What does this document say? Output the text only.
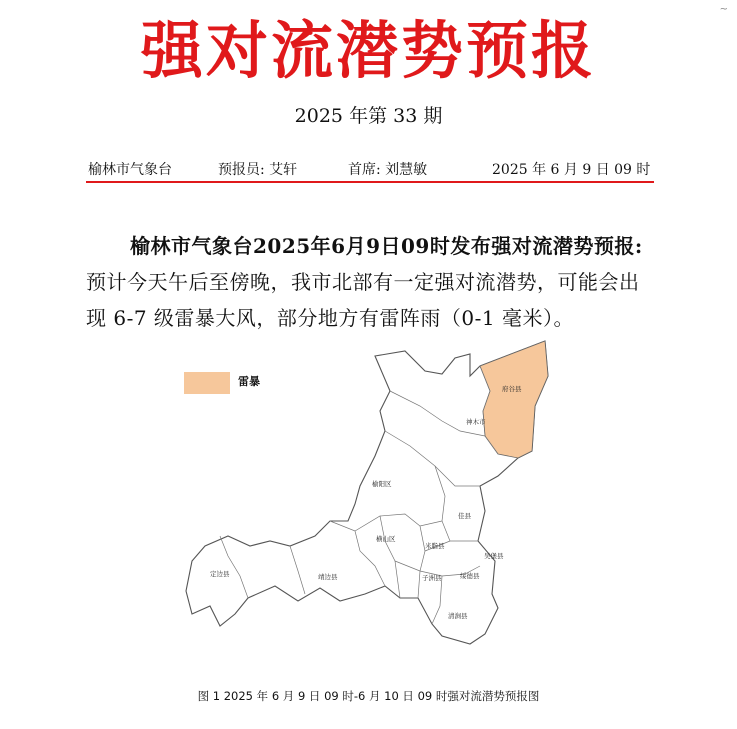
~
强对流潜势预报
2025 年第 33 期
榆林市气象台	预报员: 艾轩	首席: 刘慧敏	2025 年 6 月 9 日 09 时

榆林市气象台2025年6月9日09时发布强对流潜势预报:

预计今天午后至傍晚，我市北部有一定强对流潜势，可能会出

现 6-7 级雷暴大风，部分地方有雷阵雨（0-1 毫米）。

雷暴
府谷县
神木市
榆阳区
佳县
横山区
米脂县
定边县	靖边县	子洲县	绥德县
吴堡县
清涧县
图 1 2025 年 6 月 9 日 09 时-6 月 10 日 09 时强对流潜势预报图
